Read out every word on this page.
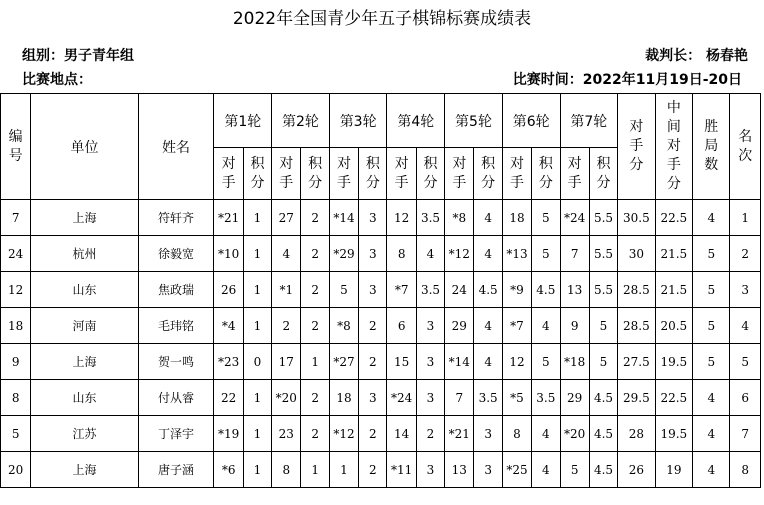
2022年全国青少年五子棋锦标赛成绩表
组别：男子青年组	裁判长： 杨春艳
比赛地点：	比赛时间：2022年11月19日-20日
编号	单位	姓名	第1轮		第2轮		第3轮		第4轮		第5轮		第6轮		第7轮		对手分	中间对手分	胜局数	名次
			对手	积分	对手	积分	对手	积分	对手	积分	对手	积分	对手	积分	对手	积分				
7	上海	符轩齐	*21	1	27	2	*14	3	12	3.5	*8	4	18	5	*24	5.5	30.5	22.5	4	1
24	杭州	徐毅宽	*10	1	4	2	*29	3	8	4	*12	4	*13	5	7	5.5	30	21.5	5	2
12	山东	焦政瑞	26	1	*1	2	5	3	*7	3.5	24	4.5	*9	4.5	13	5.5	28.5	21.5	5	3
18	河南	毛玮铭	*4	1	2	2	*8	2	6	3	29	4	*7	4	9	5	28.5	20.5	5	4
9	上海	贺一鸣	*23	0	17	1	*27	2	15	3	*14	4	12	5	*18	5	27.5	19.5	5	5
8	山东	付从睿	22	1	*20	2	18	3	*24	3	7	3.5	*5	3.5	29	4.5	29.5	22.5	4	6
5	江苏	丁泽宇	*19	1	23	2	*12	2	14	2	*21	3	8	4	*20	4.5	28	19.5	4	7
20	上海	唐子涵	*6	1	8	1	1	2	*11	3	13	3	*25	4	5	4.5	26	19	4	8
